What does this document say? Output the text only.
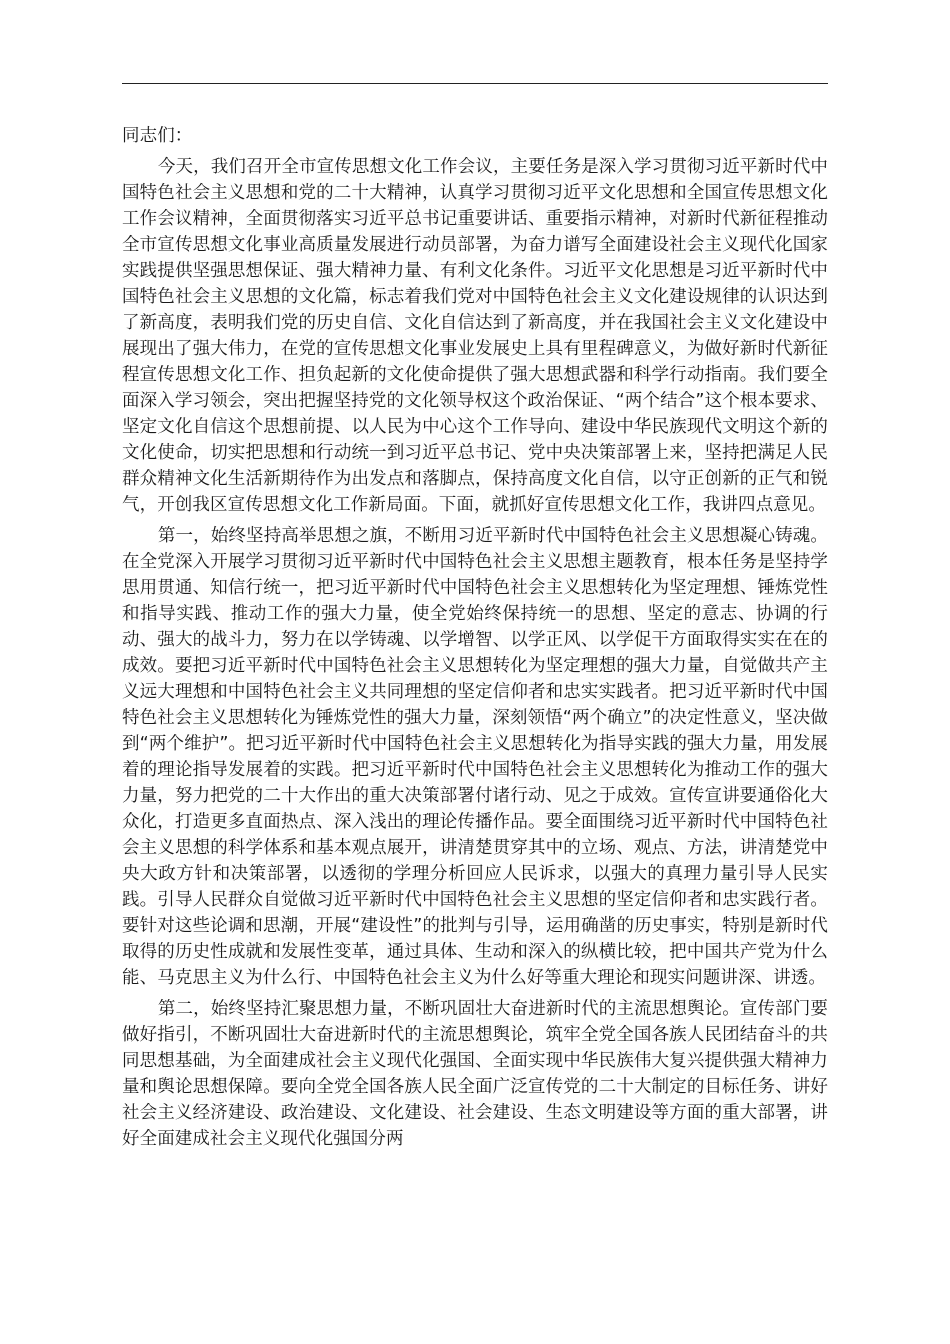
同志们：

今天，我们召开全市宣传思想文化工作会议，主要任务是深入学习贯彻习近平新时代中国特色社会主义思想和党的二十大精神，认真学习贯彻习近平文化思想和全国宣传思想文化工作会议精神，全面贯彻落实习近平总书记重要讲话、重要指示精神，对新时代新征程推动全市宣传思想文化事业高质量发展进行动员部署，为奋力谱写全面建设社会主义现代化国家实践提供坚强思想保证、强大精神力量、有利文化条件。习近平文化思想是习近平新时代中国特色社会主义思想的文化篇，标志着我们党对中国特色社会主义文化建设规律的认识达到了新高度，表明我们党的历史自信、文化自信达到了新高度，并在我国社会主义文化建设中展现出了强大伟力，在党的宣传思想文化事业发展史上具有里程碑意义，为做好新时代新征程宣传思想文化工作、担负起新的文化使命提供了强大思想武器和科学行动指南。我们要全面深入学习领会，突出把握坚持党的文化领导权这个政治保证、“两个结合”这个根本要求、坚定文化自信这个思想前提、以人民为中心这个工作导向、建设中华民族现代文明这个新的文化使命，切实把思想和行动统一到习近平总书记、党中央决策部署上来，坚持把满足人民群众精神文化生活新期待作为出发点和落脚点，保持高度文化自信，以守正创新的正气和锐气，开创我区宣传思想文化工作新局面。下面，就抓好宣传思想文化工作，我讲四点意见。

第一，始终坚持高举思想之旗，不断用习近平新时代中国特色社会主义思想凝心铸魂。在全党深入开展学习贯彻习近平新时代中国特色社会主义思想主题教育，根本任务是坚持学思用贯通、知信行统一，把习近平新时代中国特色社会主义思想转化为坚定理想、锤炼党性和指导实践、推动工作的强大力量，使全党始终保持统一的思想、坚定的意志、协调的行动、强大的战斗力，努力在以学铸魂、以学增智、以学正风、以学促干方面取得实实在在的成效。要把习近平新时代中国特色社会主义思想转化为坚定理想的强大力量，自觉做共产主义远大理想和中国特色社会主义共同理想的坚定信仰者和忠实实践者。把习近平新时代中国特色社会主义思想转化为锤炼党性的强大力量，深刻领悟“两个确立”的决定性意义，坚决做到“两个维护”。把习近平新时代中国特色社会主义思想转化为指导实践的强大力量，用发展着的理论指导发展着的实践。把习近平新时代中国特色社会主义思想转化为推动工作的强大力量，努力把党的二十大作出的重大决策部署付诸行动、见之于成效。宣传宣讲要通俗化大众化，打造更多直面热点、深入浅出的理论传播作品。要全面围绕习近平新时代中国特色社会主义思想的科学体系和基本观点展开，讲清楚贯穿其中的立场、观点、方法，讲清楚党中央大政方针和决策部署，以透彻的学理分析回应人民诉求，以强大的真理力量引导人民实践。引导人民群众自觉做习近平新时代中国特色社会主义思想的坚定信仰者和忠实践行者。要针对这些论调和思潮，开展“建设性”的批判与引导，运用确凿的历史事实，特别是新时代取得的历史性成就和发展性变革，通过具体、生动和深入的纵横比较，把中国共产党为什么能、马克思主义为什么行、中国特色社会主义为什么好等重大理论和现实问题讲深、讲透。

第二，始终坚持汇聚思想力量，不断巩固壮大奋进新时代的主流思想舆论。宣传部门要做好指引，不断巩固壮大奋进新时代的主流思想舆论，筑牢全党全国各族人民团结奋斗的共同思想基础，为全面建成社会主义现代化强国、全面实现中华民族伟大复兴提供强大精神力量和舆论思想保障。要向全党全国各族人民全面广泛宣传党的二十大制定的目标任务、讲好社会主义经济建设、政治建设、文化建设、社会建设、生态文明建设等方面的重大部署，讲好全面建成社会主义现代化强国分两
